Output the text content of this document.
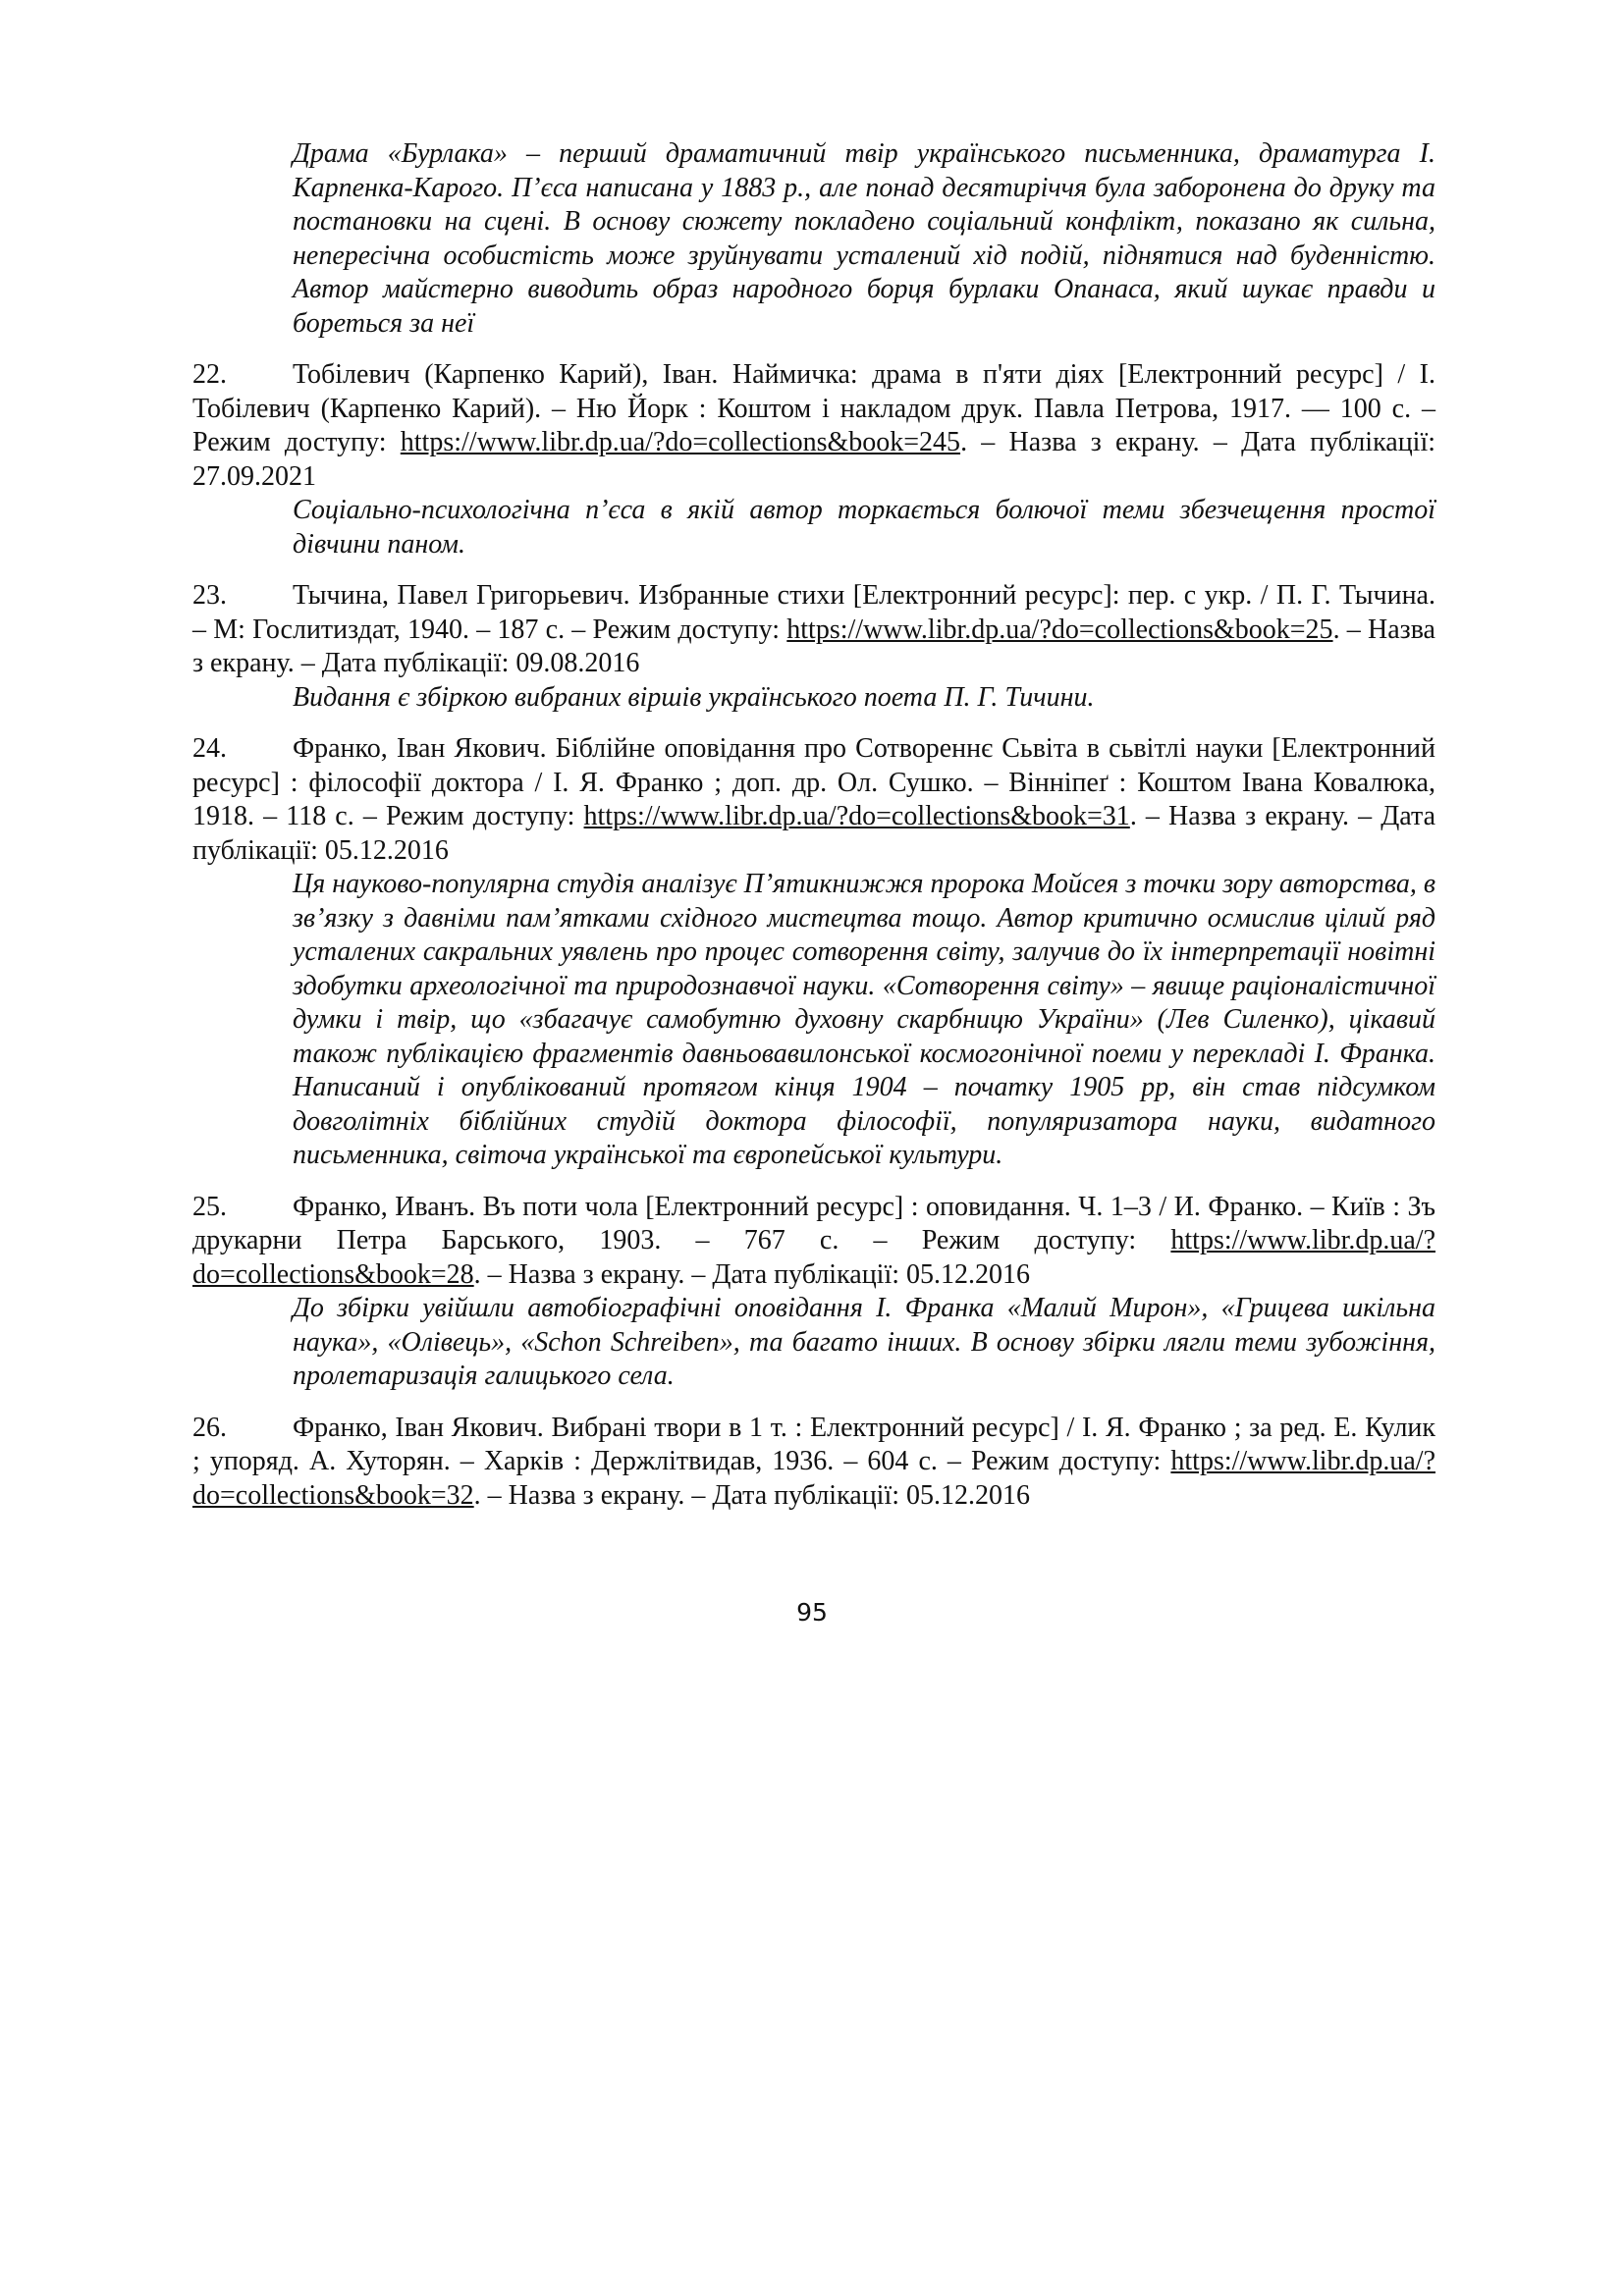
Драма «Бурлака» – перший драматичний твір українського письменника, драматурга І. Карпенка-Карого. П’єса написана у 1883 р., але понад десятиріччя була заборонена до друку та постановки на сцені. В основу сюжету покладено соціальний конфлікт, показано як сильна, непересічна особистість може зруйнувати усталений хід подій, піднятися над буденністю. Автор майстерно виводить образ народного борця бурлаки Опанаса, який шукає правди и бореться за неї
22. Тобілевич (Карпенко Карий), Іван. Наймичка: драма в п'яти діях [Електронний ресурс] / І. Тобілевич (Карпенко Карий). – Ню Йорк : Коштом і накладом друк. Павла Петрова, 1917. — 100 с. – Режим доступу: https://www.libr.dp.ua/?do=collections&book=245. – Назва з екрану. – Дата публікації: 27.09.2021
Соціально-психологічна п’єса в якій автор торкається болючої теми збезчещення простої дівчини паном.
23. Тычина, Павел Григорьевич. Избранные стихи [Електронний ресурс]: пер. с укр. / П. Г. Тычина. – М: Гослитиздат, 1940. – 187 с. – Режим доступу: https://www.libr.dp.ua/?do=collections&book=25. – Назва з екрану. – Дата публікації: 09.08.2016
Видання є збіркою вибраних віршів українського поета П. Г. Тичини.
24. Франко, Іван Якович. Біблійне оповідання про Сотвореннє Сьвіта в сьвітлі науки [Електронний ресурс] : філософії доктора / І. Я. Франко ; доп. др. Ол. Сушко. – Вінніпеґ : Коштом Івана Ковалюка, 1918. – 118 с. – Режим доступу: https://www.libr.dp.ua/?do=collections&book=31. – Назва з екрану. – Дата публікації: 05.12.2016
Ця науково-популярна студія аналізує П’ятикнижжя пророка Мойсея з точки зору авторства, в зв’язку з давніми пам’ятками східного мистецтва тощо. Автор критично осмислив цілий ряд усталених сакральних уявлень про процес сотворення світу, залучив до їх інтерпретації новітні здобутки археологічної та природознавчої науки. «Сотворення світу» – явище раціоналістичної думки і твір, що «збагачує самобутню духовну скарбницю України» (Лев Силенко), цікавий також публікацією фрагментів давньовавилонської космогонічної поеми у перекладі І. Франка. Написаний і опублікований протягом кінця 1904 – початку 1905 рр, він став підсумком довголітніх біблійних студій доктора філософії, популяризатора науки, видатного письменника, світоча української та європейської культури.
25. Франко, Иванъ. Въ поти чола [Електронний ресурс] : оповидання. Ч. 1–3 / И. Франко. – Київ : Зъ друкарни Петра Барського, 1903. – 767 с. – Режим доступу: https://www.libr.dp.ua/?do=collections&book=28. – Назва з екрану. – Дата публікації: 05.12.2016
До збірки увійшли автобіографічні оповідання І. Франка «Малий Мирон», «Грицева шкільна наука», «Олівець», «Schon Schreiben», та багато інших. В основу збірки лягли теми зубожіння, пролетаризація галицького села.
26. Франко, Іван Якович. Вибрані твори в 1 т. : Електронний ресурс] / І. Я. Франко ; за ред. Е. Кулик ; упоряд. А. Хуторян. – Харків : Держлітвидав, 1936. – 604 с. – Режим доступу: https://www.libr.dp.ua/?do=collections&book=32. – Назва з екрану. – Дата публікації: 05.12.2016
95
